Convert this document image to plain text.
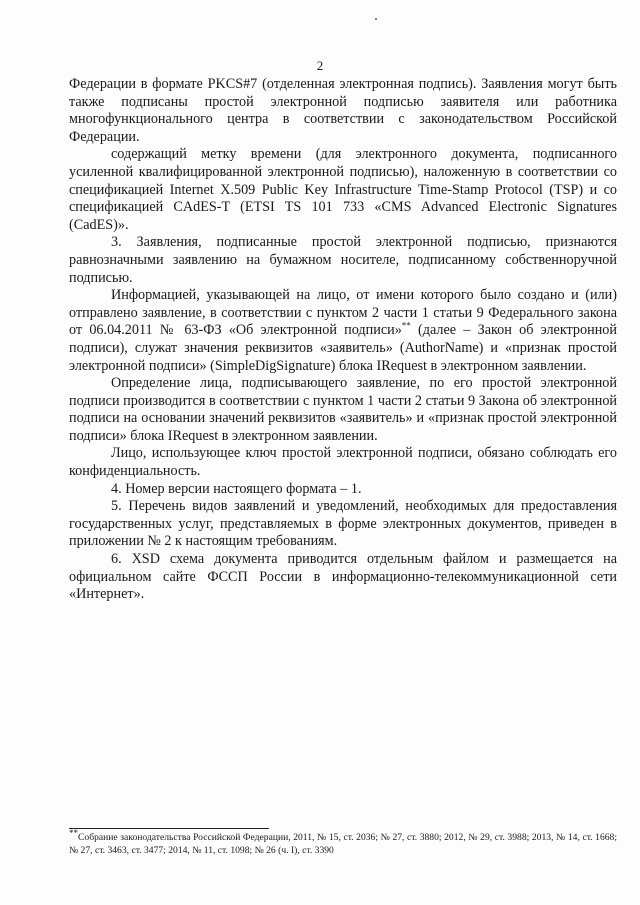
2

Федерации в формате PKCS#7 (отделенная электронная подпись). Заявления могут быть также подписаны простой электронной подписью заявителя или работника многофункционального центра в соответствии с законодательством Российской Федерации.

содержащий метку времени (для электронного документа, подписанного усиленной квалифицированной электронной подписью), наложенную в соответствии со спецификацией Internet X.509 Public Key Infrastructure Time-Stamp Protocol (TSP) и со спецификацией CAdES-T (ETSI TS 101 733 «CMS Advanced Electronic Signatures (CadES)».

3. Заявления, подписанные простой электронной подписью, признаются равнозначными заявлению на бумажном носителе, подписанному собственноручной подписью.

Информацией, указывающей на лицо, от имени которого было создано и (или) отправлено заявление, в соответствии с пунктом 2 части 1 статьи 9 Федерального закона от 06.04.2011 № 63-ФЗ «Об электронной подписи»** (далее – Закон об электронной подписи), служат значения реквизитов «заявитель» (AuthorName) и «признак простой электронной подписи» (SimpleDigSignature) блока IRequest в электронном заявлении.

Определение лица, подписывающего заявление, по его простой электронной подписи производится в соответствии с пунктом 1 части 2 статьи 9 Закона об электронной подписи на основании значений реквизитов «заявитель» и «признак простой электронной подписи» блока IRequest в электронном заявлении.

Лицо, использующее ключ простой электронной подписи, обязано соблюдать его конфиденциальность.

4. Номер версии настоящего формата – 1.

5. Перечень видов заявлений и уведомлений, необходимых для предоставления государственных услуг, представляемых в форме электронных документов, приведен в приложении № 2 к настоящим требованиям.

6. XSD схема документа приводится отдельным файлом и размещается на официальном сайте ФССП России в информационно-телекоммуникационной сети «Интернет».

**Собрание законодательства Российской Федерации, 2011, № 15, ст. 2036; № 27, ст. 3880; 2012, № 29, ст. 3988; 2013, № 14, ст. 1668; № 27, ст. 3463, ст. 3477; 2014, № 11, ст. 1098; № 26 (ч. I), ст. 3390
